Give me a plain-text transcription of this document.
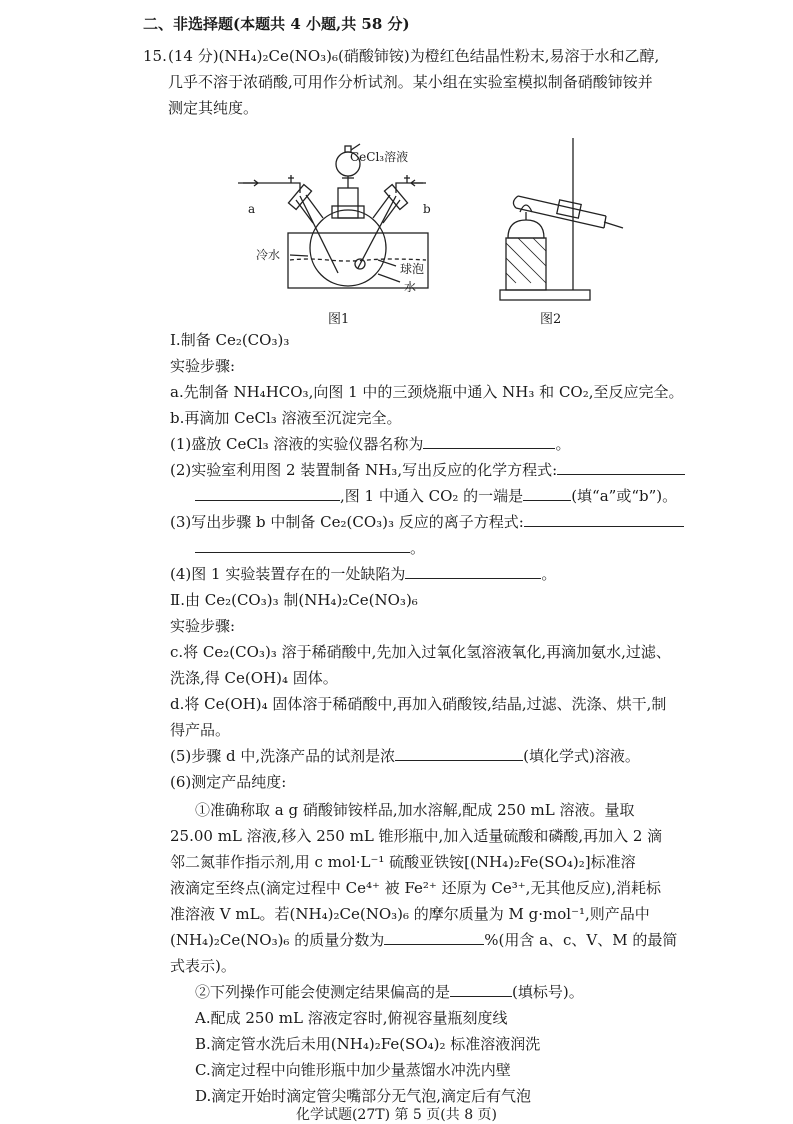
二、非选择题(本题共 4 小题,共 58 分)
15. (14 分)(NH₄)₂Ce(NO₃)₆(硝酸铈铵)为橙红色结晶性粉末,易溶于水和乙醇,
几乎不溶于浓硝酸,可用作分析试剂。某小组在实验室模拟制备硝酸铈铵并
测定其纯度。
CeCl₃溶液
a	b
冷水
球泡
水
图1	图2
Ⅰ.制备 Ce₂(CO₃)₃
实验步骤:
a.先制备 NH₄HCO₃,向图 1 中的三颈烧瓶中通入 NH₃ 和 CO₂,至反应完全。
b.再滴加 CeCl₃ 溶液至沉淀完全。
(1)盛放 CeCl₃ 溶液的实验仪器名称为	。
(2)实验室利用图 2 装置制备 NH₃,写出反应的化学方程式:
,图 1 中通入 CO₂ 的一端是	(填“a”或“b”)。
(3)写出步骤 b 中制备 Ce₂(CO₃)₃ 反应的离子方程式:
。
(4)图 1 实验装置存在的一处缺陷为	。
Ⅱ.由 Ce₂(CO₃)₃ 制(NH₄)₂Ce(NO₃)₆
实验步骤:
c.将 Ce₂(CO₃)₃ 溶于稀硝酸中,先加入过氧化氢溶液氧化,再滴加氨水,过滤、
洗涤,得 Ce(OH)₄ 固体。
d.将 Ce(OH)₄ 固体溶于稀硝酸中,再加入硝酸铵,结晶,过滤、洗涤、烘干,制
得产品。
(5)步骤 d 中,洗涤产品的试剂是浓	(填化学式)溶液。
(6)测定产品纯度:
①准确称取 a g 硝酸铈铵样品,加水溶解,配成 250 mL 溶液。量取
25.00 mL 溶液,移入 250 mL 锥形瓶中,加入适量硫酸和磷酸,再加入 2 滴
邻二氮菲作指示剂,用 c mol·L⁻¹ 硫酸亚铁铵[(NH₄)₂Fe(SO₄)₂]标准溶
液滴定至终点(滴定过程中 Ce⁴⁺ 被 Fe²⁺ 还原为 Ce³⁺,无其他反应),消耗标
准溶液 V mL。若(NH₄)₂Ce(NO₃)₆ 的摩尔质量为 M g·mol⁻¹,则产品中
(NH₄)₂Ce(NO₃)₆ 的质量分数为	%(用含 a、c、V、M 的最简
式表示)。
②下列操作可能会使测定结果偏高的是	(填标号)。
A.配成 250 mL 溶液定容时,俯视容量瓶刻度线
B.滴定管水洗后未用(NH₄)₂Fe(SO₄)₂ 标准溶液润洗
C.滴定过程中向锥形瓶中加少量蒸馏水冲洗内壁
D.滴定开始时滴定管尖嘴部分无气泡,滴定后有气泡
化学试题(27T) 第 5 页(共 8 页)
